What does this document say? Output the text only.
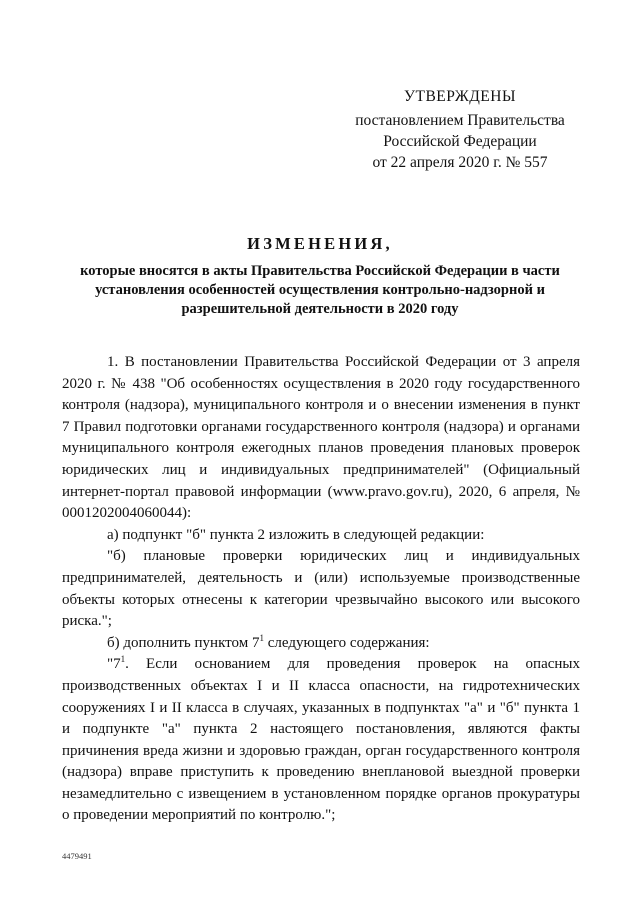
УТВЕРЖДЕНЫ
постановлением Правительства
Российской Федерации
от 22 апреля 2020 г. № 557
ИЗМЕНЕНИЯ,
которые вносятся в акты Правительства Российской Федерации в части установления особенностей осуществления контрольно-надзорной и разрешительной деятельности в 2020 году

1. В постановлении Правительства Российской Федерации от 3 апреля 2020 г. № 438 "Об особенностях осуществления в 2020 году государственного контроля (надзора), муниципального контроля и о внесении изменения в пункт 7 Правил подготовки органами государственного контроля (надзора) и органами муниципального контроля ежегодных планов проведения плановых проверок юридических лиц и индивидуальных предпринимателей" (Официальный интернет-портал правовой информации (www.pravo.gov.ru), 2020, 6 апреля, № 0001202004060044):

а) подпункт "б" пункта 2 изложить в следующей редакции:

"б) плановые проверки юридических лиц и индивидуальных предпринимателей, деятельность и (или) используемые производственные объекты которых отнесены к категории чрезвычайно высокого или высокого риска.";

б) дополнить пунктом $7^1$ следующего содержания:

"$7^1$. Если основанием для проведения проверок на опасных производственных объектах I и II класса опасности, на гидротехнических сооружениях I и II класса в случаях, указанных в подпунктах "а" и "б" пункта 1 и подпункте "а" пункта 2 настоящего постановления, являются факты причинения вреда жизни и здоровью граждан, орган государственного контроля (надзора) вправе приступить к проведению внеплановой выездной проверки незамедлительно с извещением в установленном порядке органов прокуратуры о проведении мероприятий по контролю.";

4479491
